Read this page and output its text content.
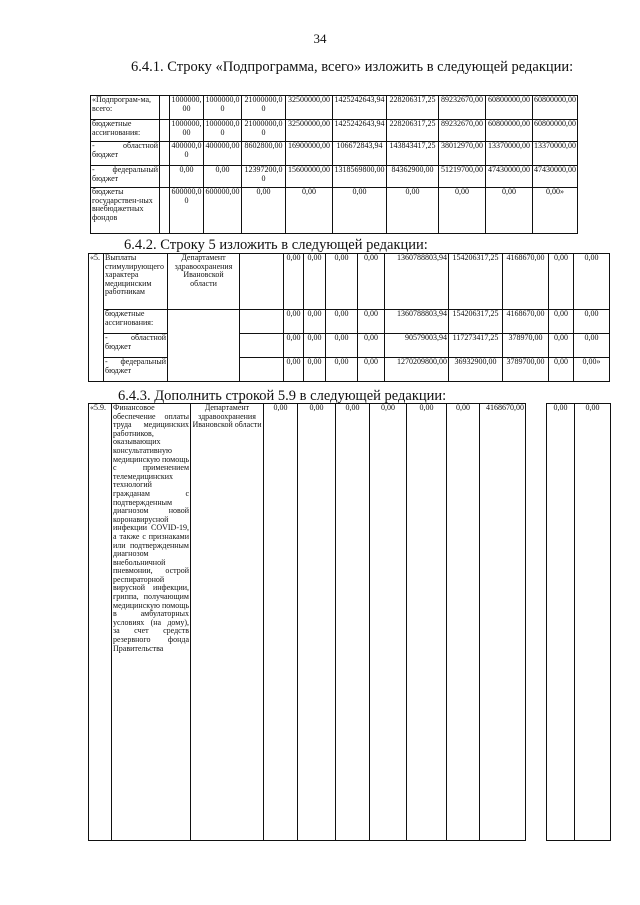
34
6.4.1. Строку «Подпрограмма, всего» изложить в следующей редакции:
«Подпрограм-ма, всего:		1000000,00	1000000,00	21000000,00	32500000,00	1425242643,94	228206317,25	89232670,00	60800000,00	60800000,00
бюджетные ассигнования:		1000000,00	1000000,00	21000000,00	32500000,00	1425242643,94	228206317,25	89232670,00	60800000,00	60800000,00
- областной бюджет		400000,00	400000,00	8602800,00	16900000,00	106672843,94	143843417,25	38012970,00	13370000,00	13370000,00
- федеральный бюджет		0,00	0,00	12397200,00	15600000,00	1318569800,00	84362900,00	51219700,00	47430000,00	47430000,00
бюджеты государствен-ных внебюджетных фондов		600000,00	600000,00	0,00	0,00	0,00	0,00	0,00	0,00	0,00»
6.4.2. Строку 5 изложить в следующей редакции:
«5.	Выплаты стимулирующего характера медицинским работникам	Департамент здравоохранения Ивановской области		0,00	0,00	0,00	0,00	1360788803,94	154206317,25	4168670,00	0,00	0,00
	бюджетные ассигнования:			0,00	0,00	0,00	0,00	1360788803,94	154206317,25	4168670,00	0,00	0,00
	- областной бюджет			0,00	0,00	0,00	0,00	90579003,94	117273417,25	378970,00	0,00	0,00
	- федеральный бюджет			0,00	0,00	0,00	0,00	1270209800,00	36932900,00	3789700,00	0,00	0,00»
6.4.3. Дополнить строкой 5.9 в следующей редакции:
«5.9.	Финансовое обеспечение оплаты труда медицинских работников, оказывающих консультативную медицинскую помощь с применением телемедицинских технологий гражданам с подтвержденным диагнозом новой коронавирусной инфекции COVID-19, а также с признаками или подтвержденным диагнозом внебольничной пневмонии, острой респираторной вирусной инфекции, гриппа, получающим медицинскую помощь в амбулаторных условиях (на дому), за счет средств резервного фонда Правительства	Департамент здравоохранения Ивановской области	0,00	0,00	0,00	0,00	0,00	0,00	4168670,00		0,00	0,00
